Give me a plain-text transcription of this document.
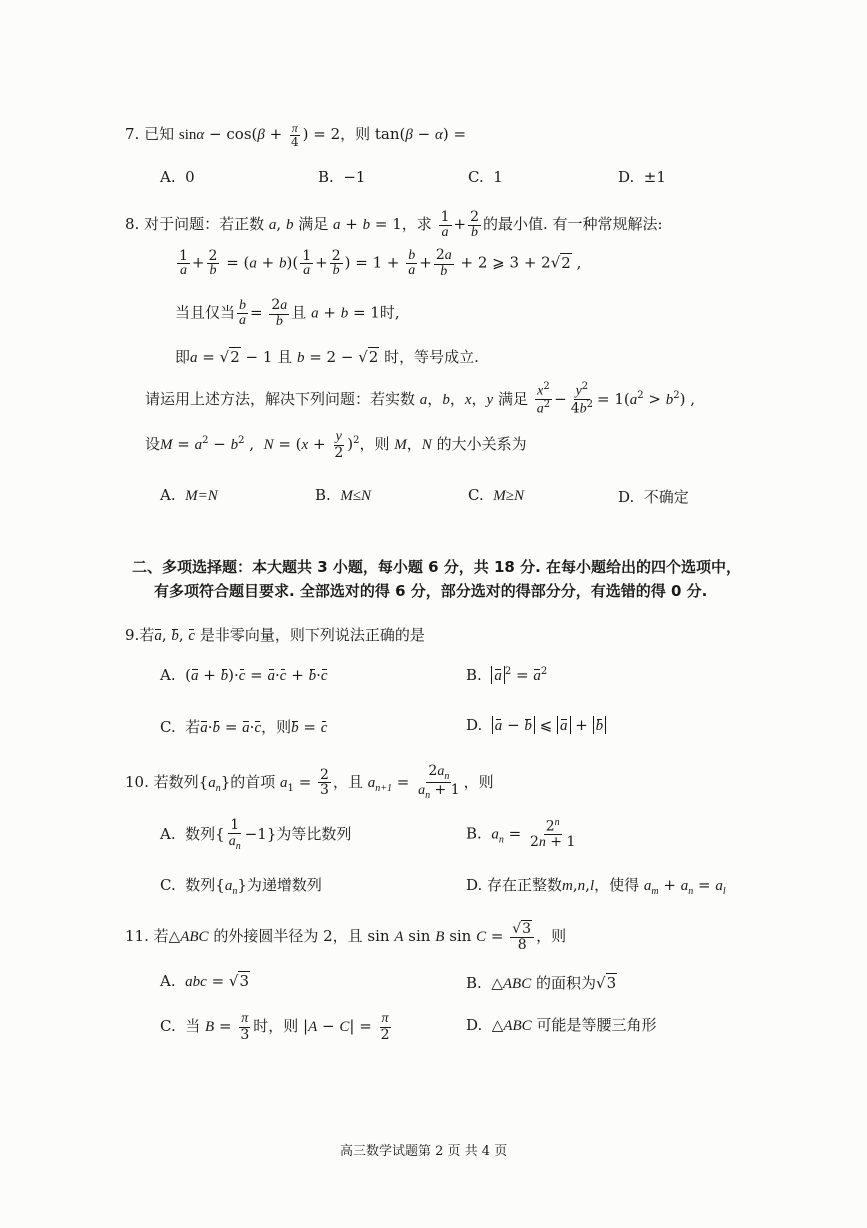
7. 已知 $\sin\alpha - \cos(\beta + \frac{\pi}{4}$ ) = 2，则 tan(β − α) =
A.  0	B.  −1	C.  1	D.  ±1
8. 对于问题：若正数 a, b 满足 a + b = 1，求 $\frac{1}{a} + \frac{2}{b}$ 的最小值. 有一种常规解法:
$\frac{1}{a} + \frac{2}{b} = (a + b)( \frac{1}{a} + \frac{2}{b}$ ) = $1 + \frac{b}{a} + \frac{2a}{b} + 2$ ⩾ 3 + 2√2 ,
当且仅当 $\frac{b}{a} = \frac{2a}{b}$ 且 a + b = 1时,
即a = √2 − 1 且 b = 2 − √2 时，等号成立.
请运用上述方法，解决下列问题：若实数 a，b，x，y 满足 $\frac{x^2}{a^2} - \frac{y^2}{4b^2} = 1(a^2 > b^2)$ ,
设$M = a^2 - b^2$ ,  $N = (x + \frac{y}{2} )^2$，则 M，N 的大小关系为
A.  M=N	B.  M≤N	C.  M≥N	D.  不确定
二、多项选择题：本大题共 3 小题，每小题 6 分，共 18 分. 在每小题给出的四个选项中，
有多项符合题目要求. 全部选对的得 6 分，部分选对的得部分分，有选错的得 0 分.
9.若a, b, c 是非零向量，则下列说法正确的是
A.  (a + b)·c = a·c + b·c	B.  a $^2 = a^2$
C.  若a·b = a·c，则b = c	D.  a − b ⩽ a + b
10. 若数列$\{a_n\}$的首项 $a_1 = \frac{2}{3}$ ，且 $a_{n+1} = \frac{2a_n}{a_n + 1}$ ，则
A.  数列{ $\frac{1}{a_n} -1$}为等比数列	B.  $a_n = \frac{2^n}{2n + 1}$
C.  数列$\{a_n\}$为递增数列	D. 存在正整数m,n,l，使得 $a_m + a_n = a_l$
11. 若△ABC 的外接圆半径为 2，且 sin A sin B $\sin C = \frac{√3}{8}$ ，则
A.  abc = √3	B.  △ABC 的面积为√3
C.  当 $B = \frac{\pi}{3}$ 时，则 $|A - C| = \frac{\pi}{2}$	D.  △ABC 可能是等腰三角形
高三数学试题第 2 页 共 4 页
